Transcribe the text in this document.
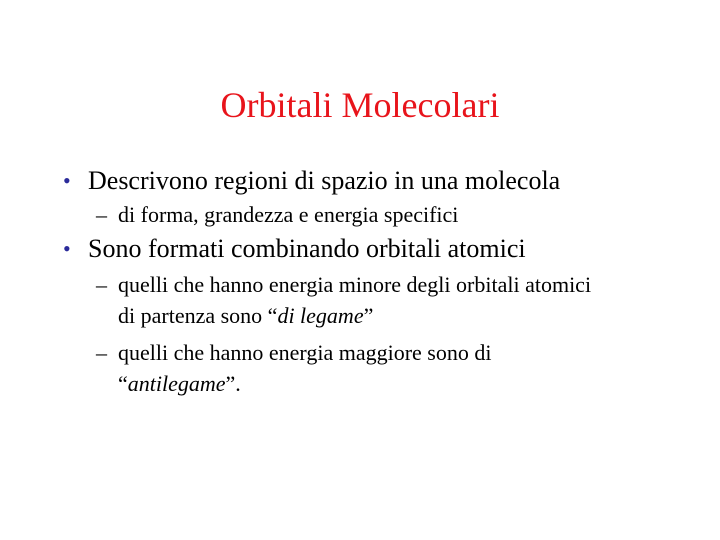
Orbitali Molecolari
• Descrivono regioni di spazio in una molecola
– di forma, grandezza e energia specifici
• Sono formati combinando orbitali atomici
– quelli che hanno energia minore degli orbitali atomici
di partenza sono “di legame”
– quelli che hanno energia maggiore sono di
“antilegame”.
